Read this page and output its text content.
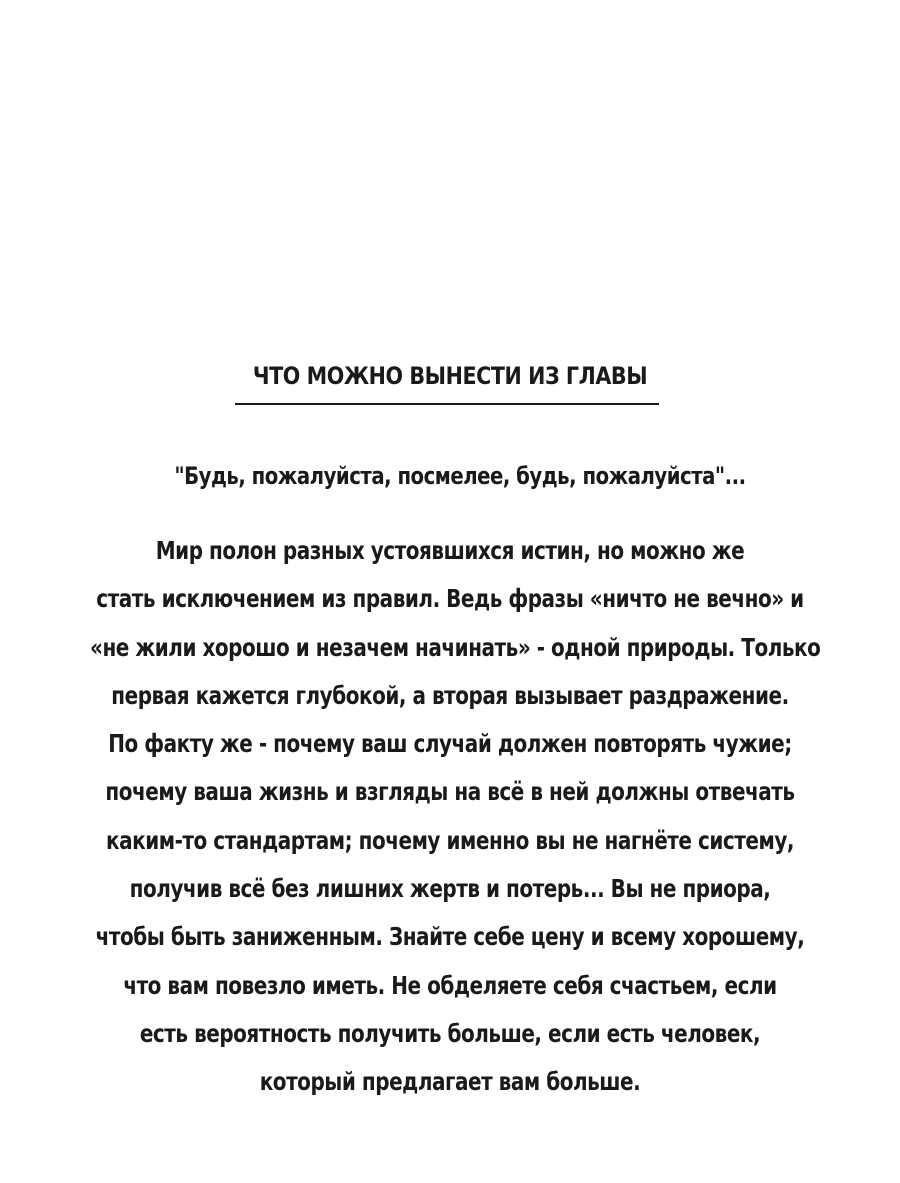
ЧТО МОЖНО ВЫНЕСТИ ИЗ ГЛАВЫ
"Будь, пожалуйста, посмелее, будь, пожалуйста"...
Мир полон разных устоявшихся истин, но можно же
стать исключением из правил. Ведь фразы «ничто не вечно» и
«не жили хорошо и незачем начинать» - одной природы. Только
первая кажется глубокой, а вторая вызывает раздражение.
По факту же - почему ваш случай должен повторять чужие;
почему ваша жизнь и взгляды на всё в ней должны отвечать
каким-то стандартам; почему именно вы не нагнёте систему,
получив всё без лишних жертв и потерь... Вы не приора,
чтобы быть заниженным. Знайте себе цену и всему хорошему,
что вам повезло иметь. Не обделяете себя счастьем, если
есть вероятность получить больше, если есть человек,
который предлагает вам больше.
